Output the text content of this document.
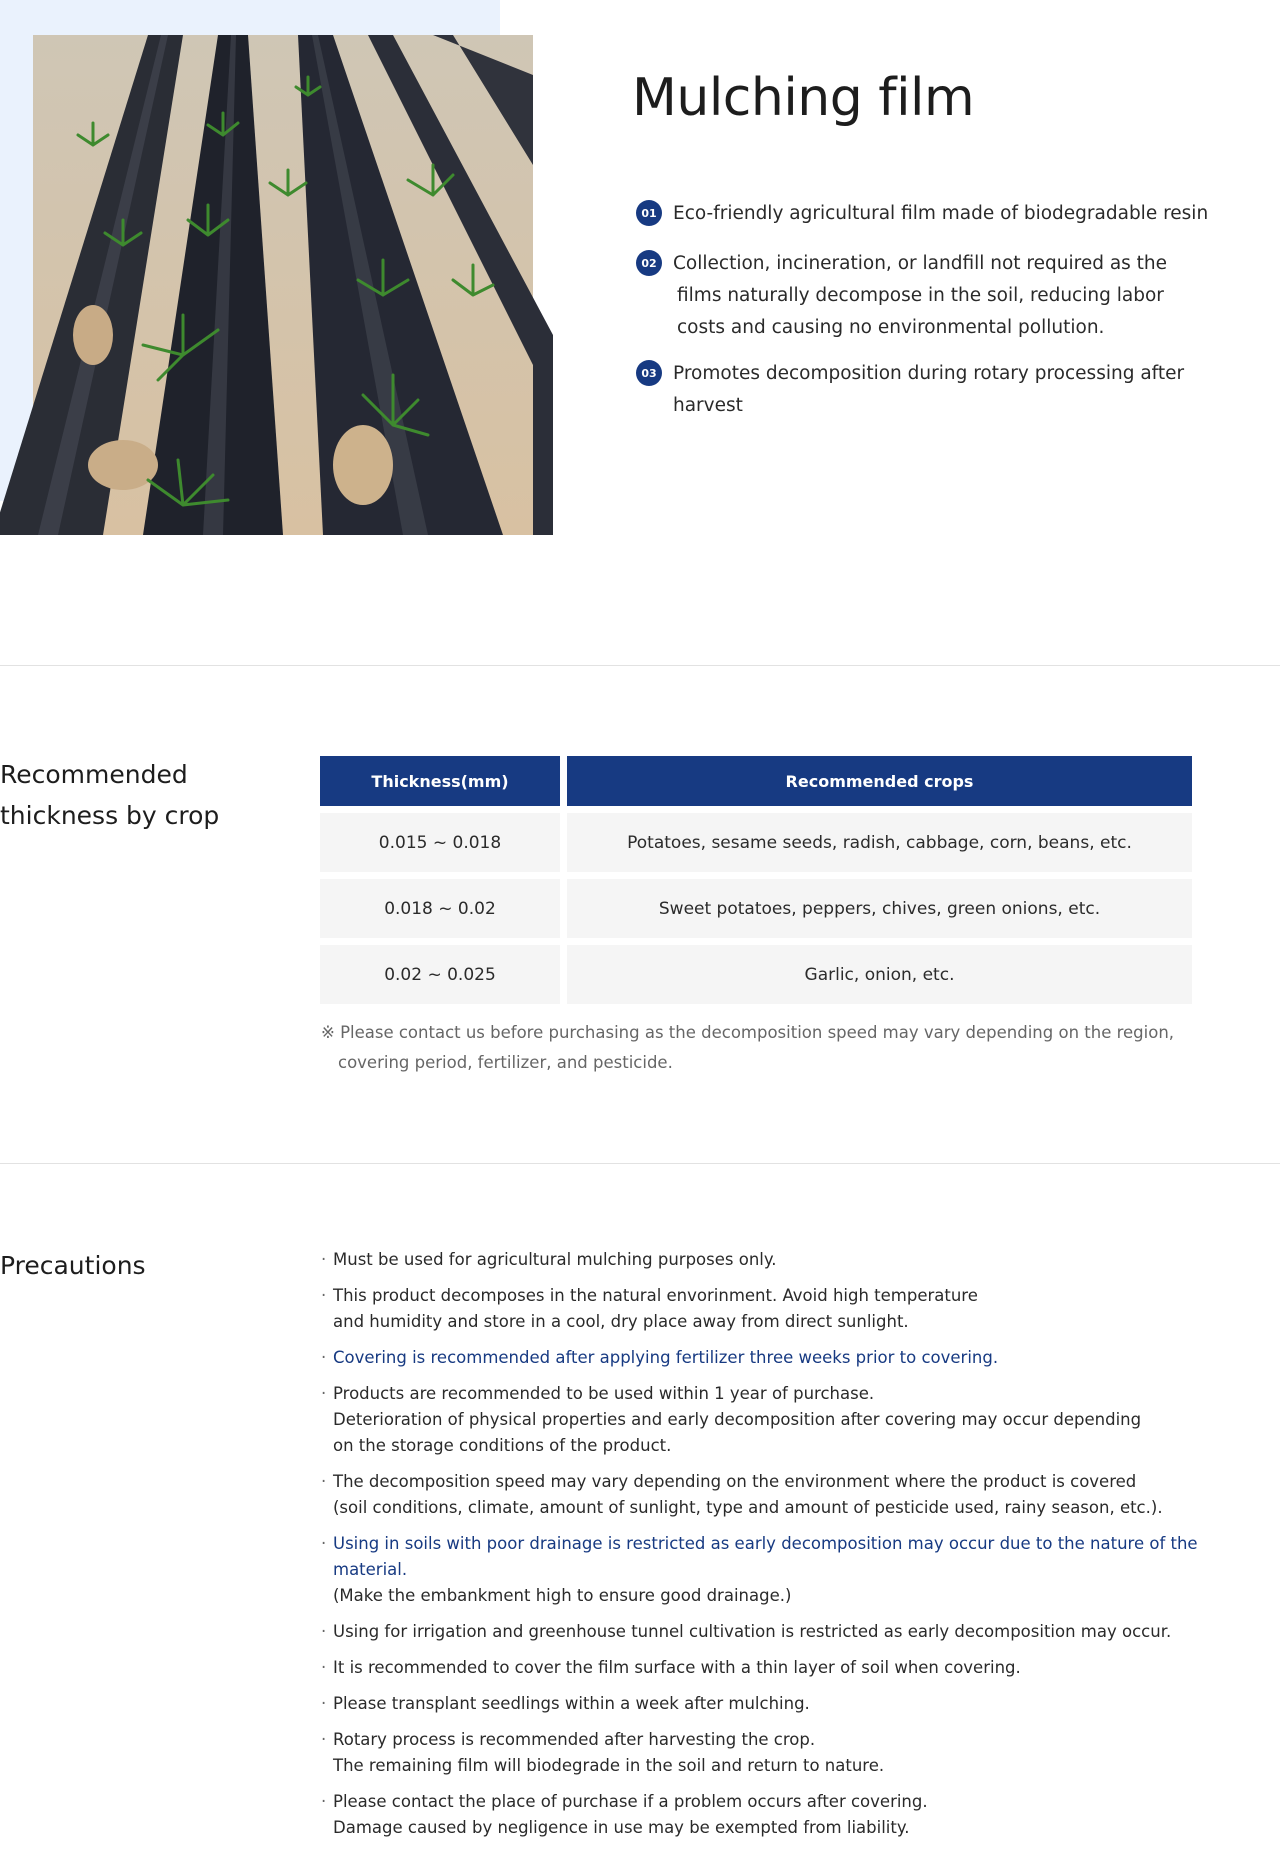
Mulching film
01 Eco-friendly agricultural film made of biodegradable resin
02 Collection, incineration, or landfill not required as the films naturally decompose in the soil, reducing labor costs and causing no environmental pollution.
03 Promotes decomposition during rotary processing after harvest
Recommended
thickness by crop
Thickness(mm)	Recommended crops
0.015 ~ 0.018	Potatoes, sesame seeds, radish, cabbage, corn, beans, etc.
0.018 ~ 0.02	Sweet potatoes, peppers, chives, green onions, etc.
0.02 ~ 0.025	Garlic, onion, etc.

※ Please contact us before purchasing as the decomposition speed may vary depending on the region, covering period, fertilizer, and pesticide.

Precautions	· Must be used for agricultural mulching purposes only.
· This product decomposes in the natural envorinment. Avoid high temperature and humidity and store in a cool, dry place away from direct sunlight.
· Covering is recommended after applying fertilizer three weeks prior to covering.
· Products are recommended to be used within 1 year of purchase.
Deterioration of physical properties and early decomposition after covering may occur depending on the storage conditions of the product.
· The decomposition speed may vary depending on the environment where the product is covered
(soil conditions, climate, amount of sunlight, type and amount of pesticide used, rainy season, etc.).
· Using in soils with poor drainage is restricted as early decomposition may occur due to the nature of the material.
(Make the embankment high to ensure good drainage.)
· Using for irrigation and greenhouse tunnel cultivation is restricted as early decomposition may occur.
· It is recommended to cover the film surface with a thin layer of soil when covering.
· Please transplant seedlings within a week after mulching.
· Rotary process is recommended after harvesting the crop.
The remaining film will biodegrade in the soil and return to nature.
· Please contact the place of purchase if a problem occurs after covering.
Damage caused by negligence in use may be exempted from liability.
